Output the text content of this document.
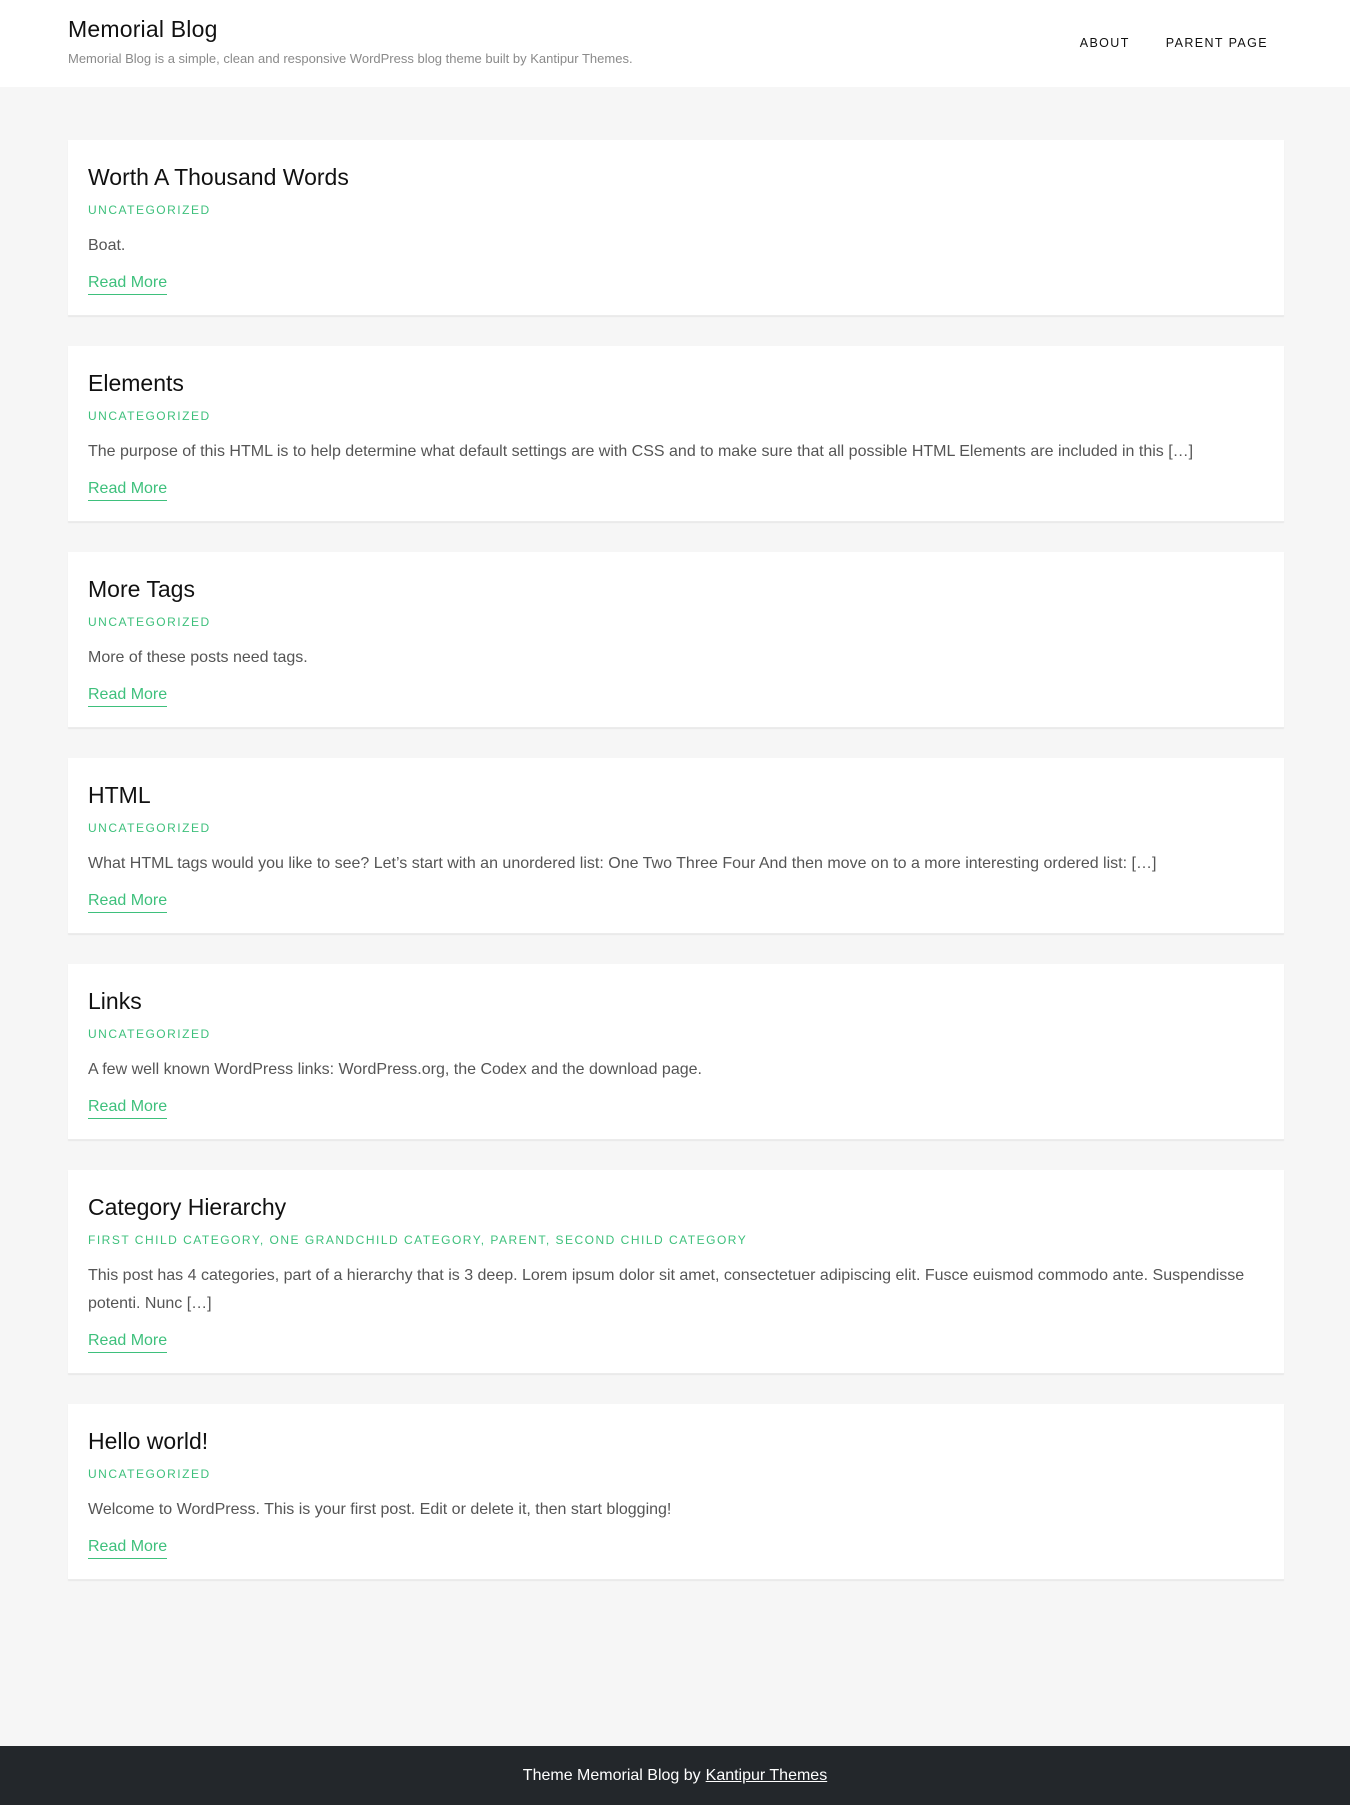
Memorial Blog
Memorial Blog is a simple, clean and responsive WordPress blog theme built by Kantipur Themes.
ABOUT	PARENT PAGE
Worth A Thousand Words
UNCATEGORIZED

Boat.

Read More
Elements
UNCATEGORIZED

The purpose of this HTML is to help determine what default settings are with CSS and to make sure that all possible HTML Elements are included in this […]

Read More
More Tags
UNCATEGORIZED

More of these posts need tags.

Read More
HTML
UNCATEGORIZED

What HTML tags would you like to see? Let’s start with an unordered list: One Two Three Four And then move on to a more interesting ordered list: […]

Read More
Links
UNCATEGORIZED

A few well known WordPress links: WordPress.org, the Codex and the download page.

Read More
Category Hierarchy
FIRST CHILD CATEGORY, ONE GRANDCHILD CATEGORY, PARENT, SECOND CHILD CATEGORY

This post has 4 categories, part of a hierarchy that is 3 deep. Lorem ipsum dolor sit amet, consectetuer adipiscing elit. Fusce euismod commodo ante. Suspendisse potenti. Nunc […]

Read More
Hello world!
UNCATEGORIZED

Welcome to WordPress. This is your first post. Edit or delete it, then start blogging!

Read More
Theme Memorial Blog by Kantipur Themes
